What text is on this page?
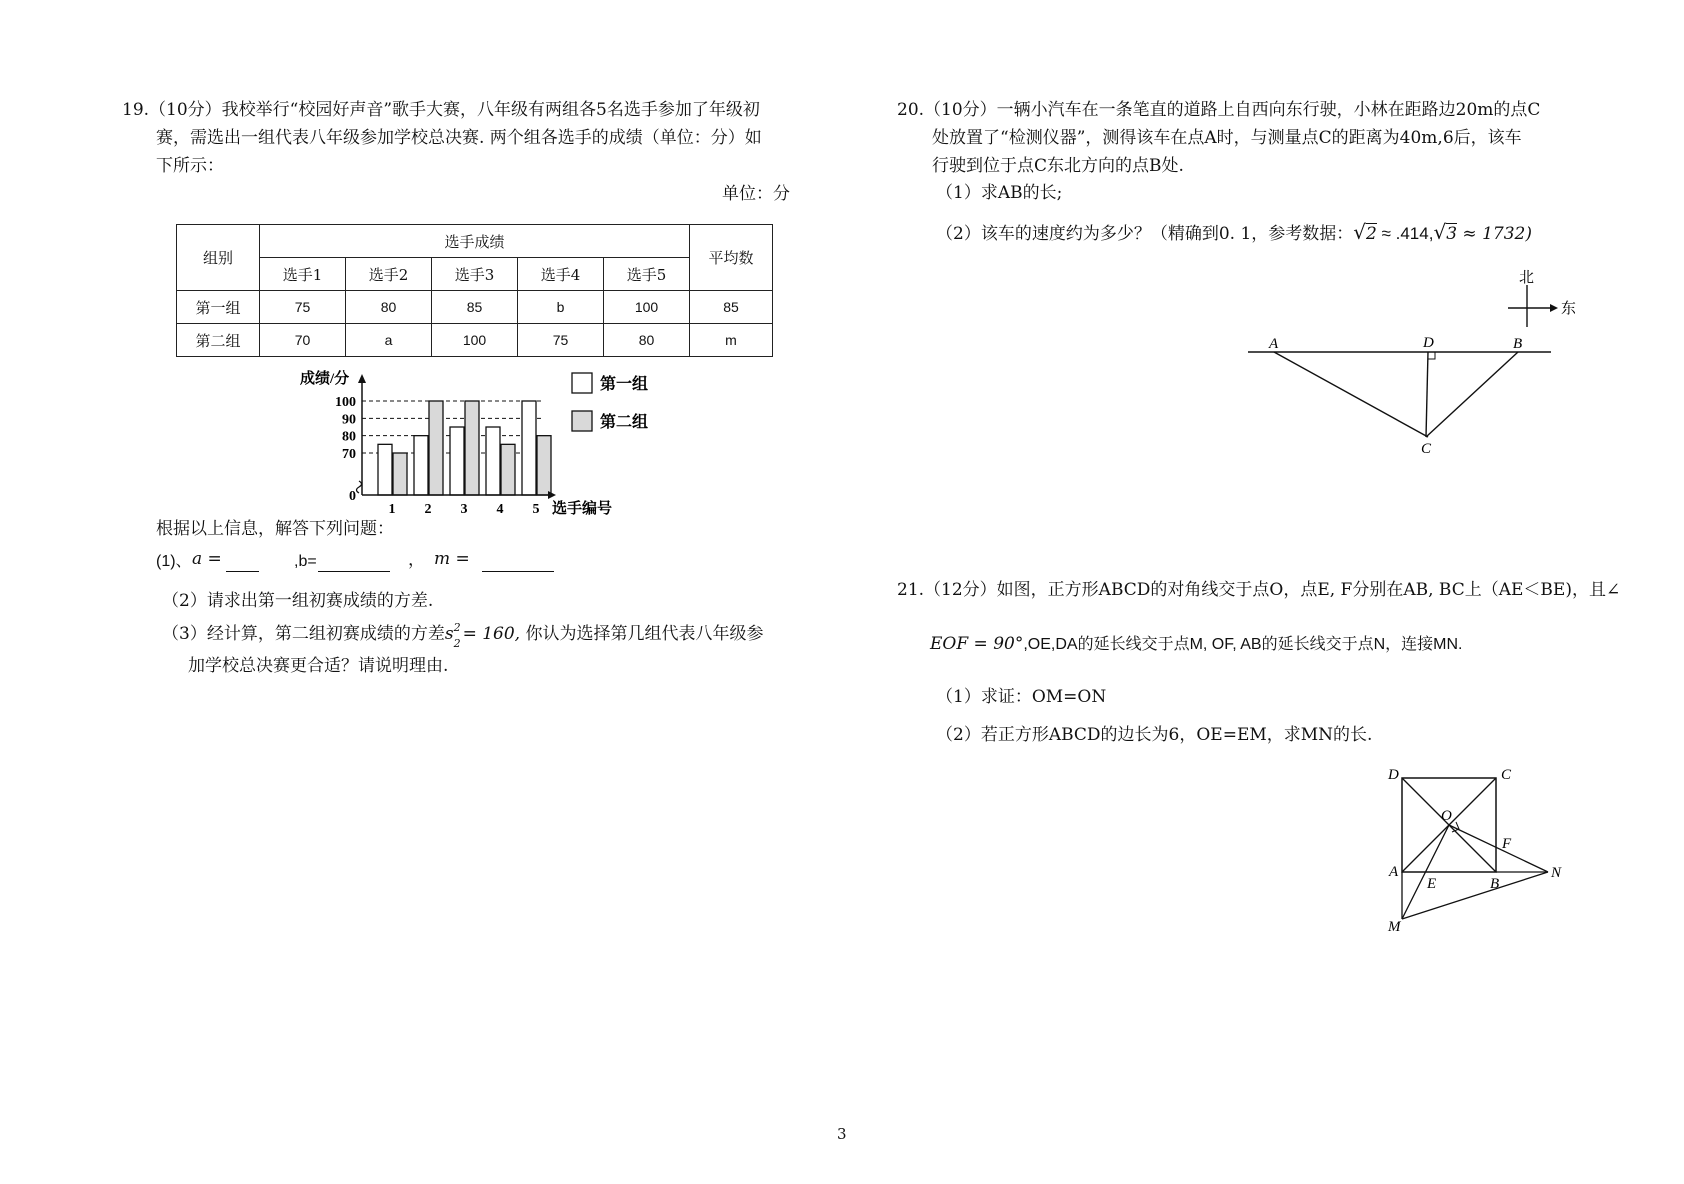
19.（10分）我校举行“校园好声音”歌手大赛，八年级有两组各5名选手参加了年级初
赛，需选出一组代表八年级参加学校总决赛. 两个组各选手的成绩（单位：分）如
下所示：
单位：分
组别	选手成绩					平均数
	选手1	选手2	选手3	选手4	选手5	
第一组	75	80	85	b	100	85
第二组	70	a	100	75	80	m
0
70
80
90
100
1 2 3 4 5
成绩/分
选手编号
第一组
第二组
根据以上信息，解答下列问题：
(1)、 a =	,b=	， m =
（2）请求出第一组初赛成绩的方差.
（3）经计算，第二组初赛成绩的方差s 2
2 = 160, 你认为选择第几组代表八年级参
加学校总决赛更合适？请说明理由.
20.（10分）一辆小汽车在一条笔直的道路上自西向东行驶，小林在距路边20m的点C
处放置了“检测仪器”，测得该车在点A时，与测量点C的距离为40m,6后，该车
行驶到位于点C东北方向的点B处.
（1）求AB的长;
（2）该车的速度约为多少？（精确到0. 1，参考数据：√2 ≈ .414,√3 ≈ 1732)
北
东
A	D	B
C
21.（12分）如图，正方形ABCD的对角线交于点O，点E, F分别在AB, BC上（AE＜BE)，且∠
EOF = 90°,OE,DA的延长线交于点M, OF, AB的延长线交于点N，连接MN.
（1）求证：OM=ON
（2）若正方形ABCD的边长为6，OE=EM，求MN的长.
D	C
O
F
A
E	B
N
M
3
